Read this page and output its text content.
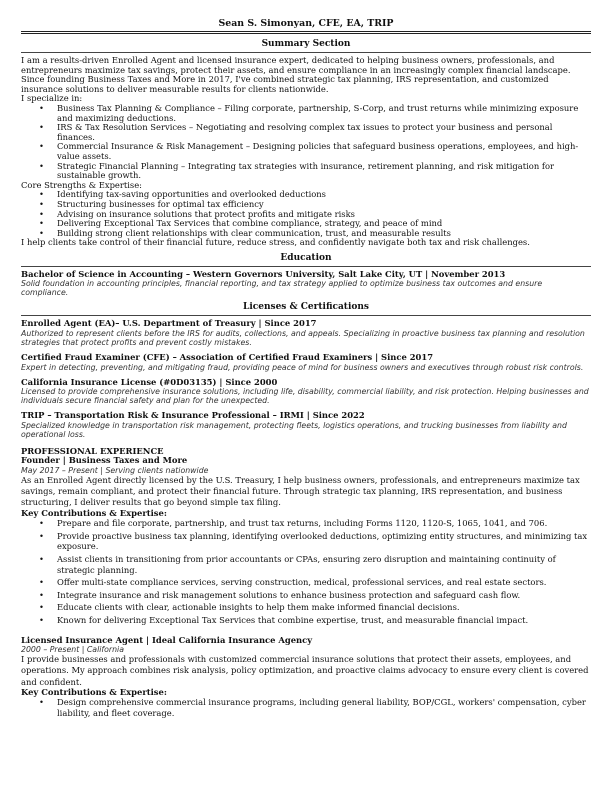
Sean S. Simonyan, CFE, EA, TRIP
Summary Section

I am a results-driven Enrolled Agent and licensed insurance expert, dedicated to helping business owners, professionals, and entrepreneurs maximize tax savings, protect their assets, and ensure compliance in an increasingly complex financial landscape. Since founding Business Taxes and More in 2017, I've combined strategic tax planning, IRS representation, and customized insurance solutions to deliver measurable results for clients nationwide.

I specialize in:

• Business Tax Planning & Compliance – Filing corporate, partnership, S-Corp, and trust returns while minimizing exposure and maximizing deductions.
• IRS & Tax Resolution Services – Negotiating and resolving complex tax issues to protect your business and personal finances.
• Commercial Insurance & Risk Management – Designing policies that safeguard business operations, employees, and high-value assets.
• Strategic Financial Planning – Integrating tax strategies with insurance, retirement planning, and risk mitigation for sustainable growth.

Core Strengths & Expertise:

• Identifying tax-saving opportunities and overlooked deductions
• Structuring businesses for optimal tax efficiency
• Advising on insurance solutions that protect profits and mitigate risks
• Delivering Exceptional Tax Services that combine compliance, strategy, and peace of mind
• Building strong client relationships with clear communication, trust, and measurable results

I help clients take control of their financial future, reduce stress, and confidently navigate both tax and risk challenges.

Education

Bachelor of Science in Accounting – Western Governors University, Salt Lake City, UT | November 2013

Solid foundation in accounting principles, financial reporting, and tax strategy applied to optimize business tax outcomes and ensure compliance.

Licenses & Certifications

Enrolled Agent (EA)– U.S. Department of Treasury | Since 2017

Authorized to represent clients before the IRS for audits, collections, and appeals. Specializing in proactive business tax planning and resolution strategies that protect profits and prevent costly mistakes.

Certified Fraud Examiner (CFE) – Association of Certified Fraud Examiners | Since 2017

Expert in detecting, preventing, and mitigating fraud, providing peace of mind for business owners and executives through robust risk controls.

California Insurance License (#0D03135) | Since 2000

Licensed to provide comprehensive insurance solutions, including life, disability, commercial liability, and risk protection. Helping businesses and individuals secure financial safety and plan for the unexpected.

TRIP – Transportation Risk & Insurance Professional – IRMI | Since 2022

Specialized knowledge in transportation risk management, protecting fleets, logistics operations, and trucking businesses from liability and operational loss.

PROFESSIONAL EXPERIENCE

Founder | Business Taxes and More

May 2017 – Present | Serving clients nationwide

As an Enrolled Agent directly licensed by the U.S. Treasury, I help business owners, professionals, and entrepreneurs maximize tax savings, remain compliant, and protect their financial future. Through strategic tax planning, IRS representation, and business structuring, I deliver results that go beyond simple tax filing.

Key Contributions & Expertise:

• Prepare and file corporate, partnership, and trust tax returns, including Forms 1120, 1120-S, 1065, 1041, and 706.
• Provide proactive business tax planning, identifying overlooked deductions, optimizing entity structures, and minimizing tax exposure.
• Assist clients in transitioning from prior accountants or CPAs, ensuring zero disruption and maintaining continuity of strategic planning.
• Offer multi-state compliance services, serving construction, medical, professional services, and real estate sectors.
• Integrate insurance and risk management solutions to enhance business protection and safeguard cash flow.
• Educate clients with clear, actionable insights to help them make informed financial decisions.
• Known for delivering Exceptional Tax Services that combine expertise, trust, and measurable financial impact.

Licensed Insurance Agent | Ideal California Insurance Agency

2000 – Present | California

I provide businesses and professionals with customized commercial insurance solutions that protect their assets, employees, and operations. My approach combines risk analysis, policy optimization, and proactive claims advocacy to ensure every client is covered and confident.

Key Contributions & Expertise:

• Design comprehensive commercial insurance programs, including general liability, BOP/CGL, workers' compensation, cyber liability, and fleet coverage.
